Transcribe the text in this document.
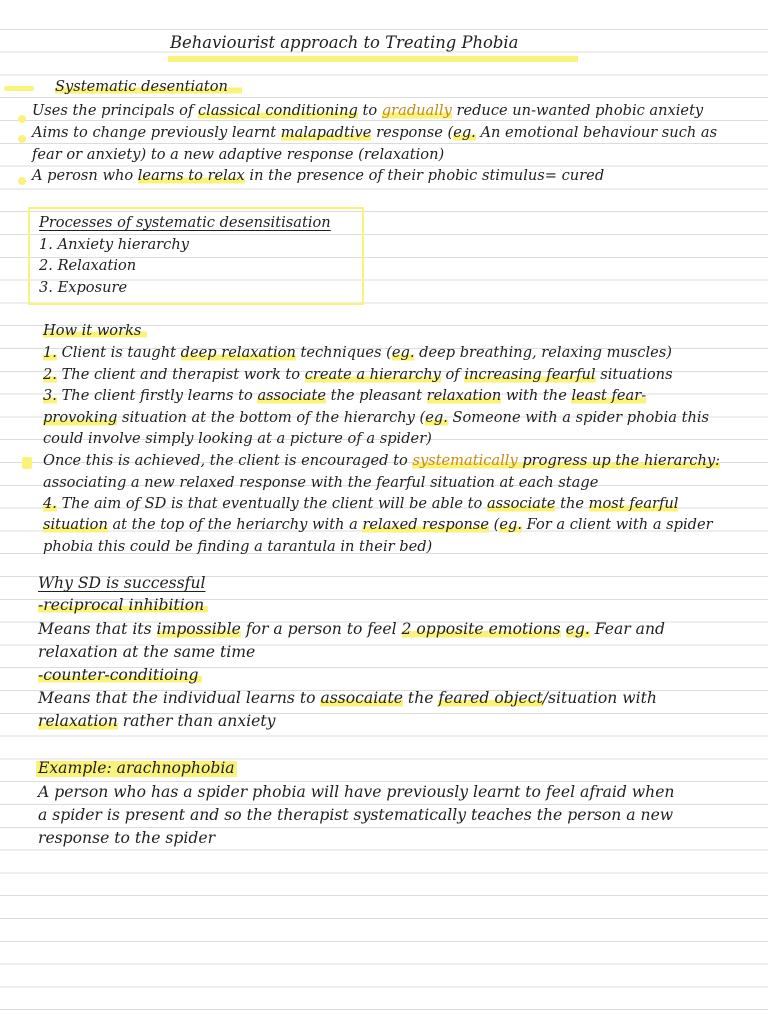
Behaviourist approach to Treating Phobia
Systematic desentiaton
Uses the principals of classical conditioning to gradually reduce un-wanted phobic anxiety
Aims to change previously learnt malapadtive response (eg. An emotional behaviour such as
fear or anxiety) to a new adaptive response (relaxation)
A perosn who learns to relax in the presence of their phobic stimulus= cured
Processes of systematic desensitisation
1. Anxiety hierarchy
2. Relaxation
3. Exposure
How it works
1. Client is taught deep relaxation techniques (eg. deep breathing, relaxing muscles)
2. The client and therapist work to create a hierarchy of increasing fearful situations
3. The client firstly learns to associate the pleasant relaxation with the least fear-
provoking situation at the bottom of the hierarchy (eg. Someone with a spider phobia this
could involve simply looking at a picture of a spider)
Once this is achieved, the client is encouraged to systematically progress up the hierarchy:
associating a new relaxed response with the fearful situation at each stage
4. The aim of SD is that eventually the client will be able to associate the most fearful
situation at the top of the heriarchy with a relaxed response (eg. For a client with a spider
phobia this could be finding a tarantula in their bed)
Why SD is successful
-reciprocal inhibition
Means that its impossible for a person to feel 2 opposite emotions eg. Fear and
relaxation at the same time
-counter-conditioing
Means that the individual learns to assocaiate the feared object/situation with
relaxation rather than anxiety
Example: arachnophobia
A person who has a spider phobia will have previously learnt to feel afraid when
a spider is present and so the therapist systematically teaches the person a new
response to the spider
